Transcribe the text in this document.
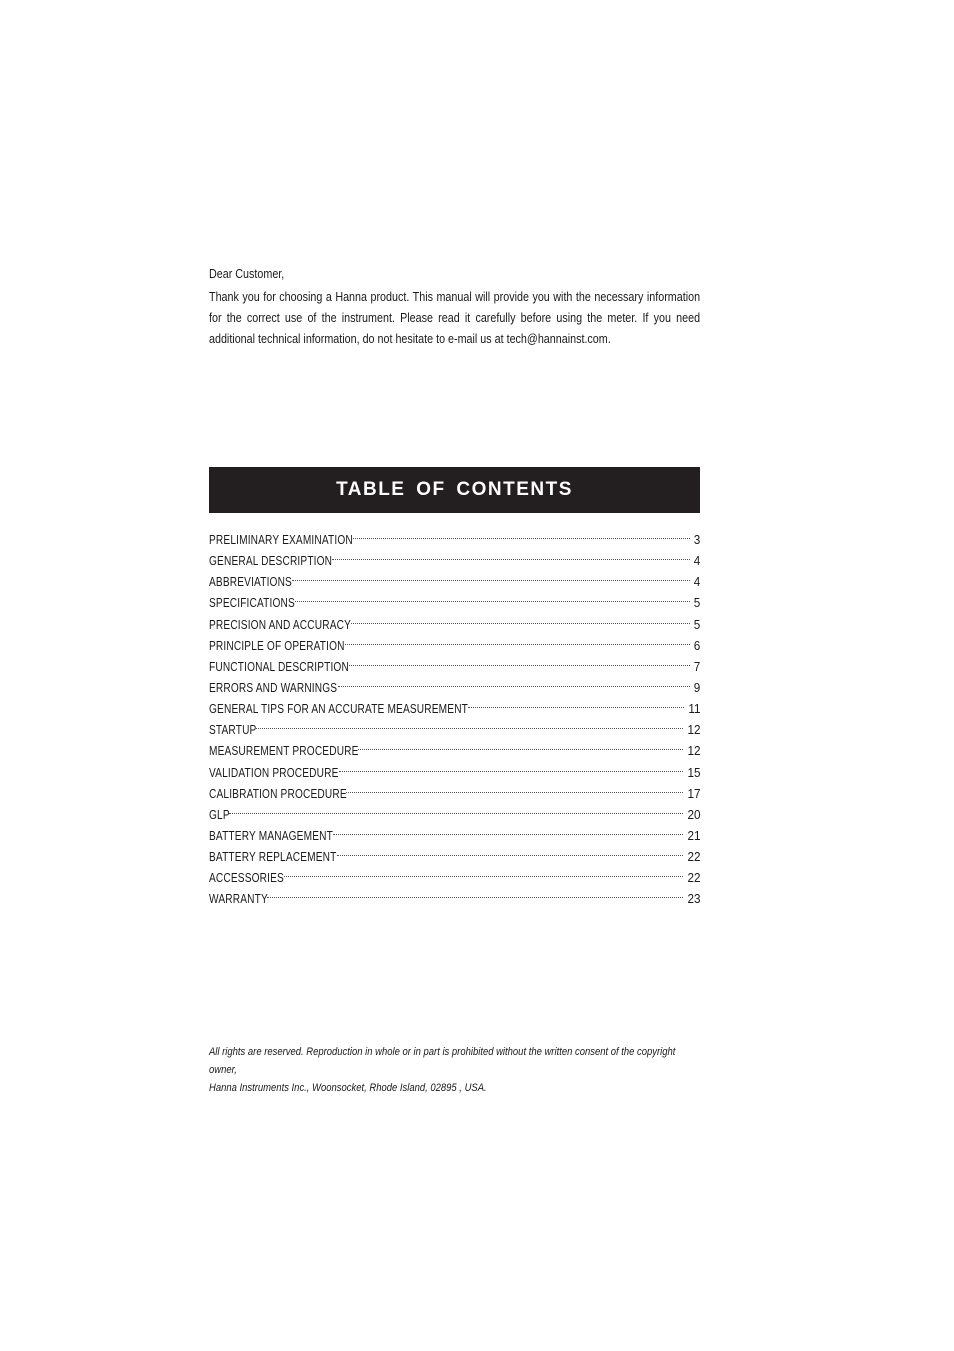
Dear Customer,

Thank you for choosing a Hanna product. This manual will provide you with the necessary information for the correct use of the instrument. Please read it carefully before using the meter. If you need additional technical information, do not hesitate to e-mail us at tech@hannainst.com.

TABLE OF CONTENTS
PRELIMINARY EXAMINATION	3
GENERAL DESCRIPTION	4
ABBREVIATIONS	4
SPECIFICATIONS	5
PRECISION AND ACCURACY	5
PRINCIPLE OF OPERATION	6
FUNCTIONAL DESCRIPTION	7
ERRORS AND WARNINGS	9
GENERAL TIPS FOR AN ACCURATE MEASUREMENT	11
STARTUP	12
MEASUREMENT PROCEDURE	12
VALIDATION PROCEDURE	15
CALIBRATION PROCEDURE	17
GLP	20
BATTERY MANAGEMENT	21
BATTERY REPLACEMENT	22
ACCESSORIES	22
WARRANTY	23
All rights are reserved. Reproduction in whole or in part is prohibited without the written consent of the copyright owner,
Hanna Instruments Inc., Woonsocket, Rhode Island, 02895 , USA.
